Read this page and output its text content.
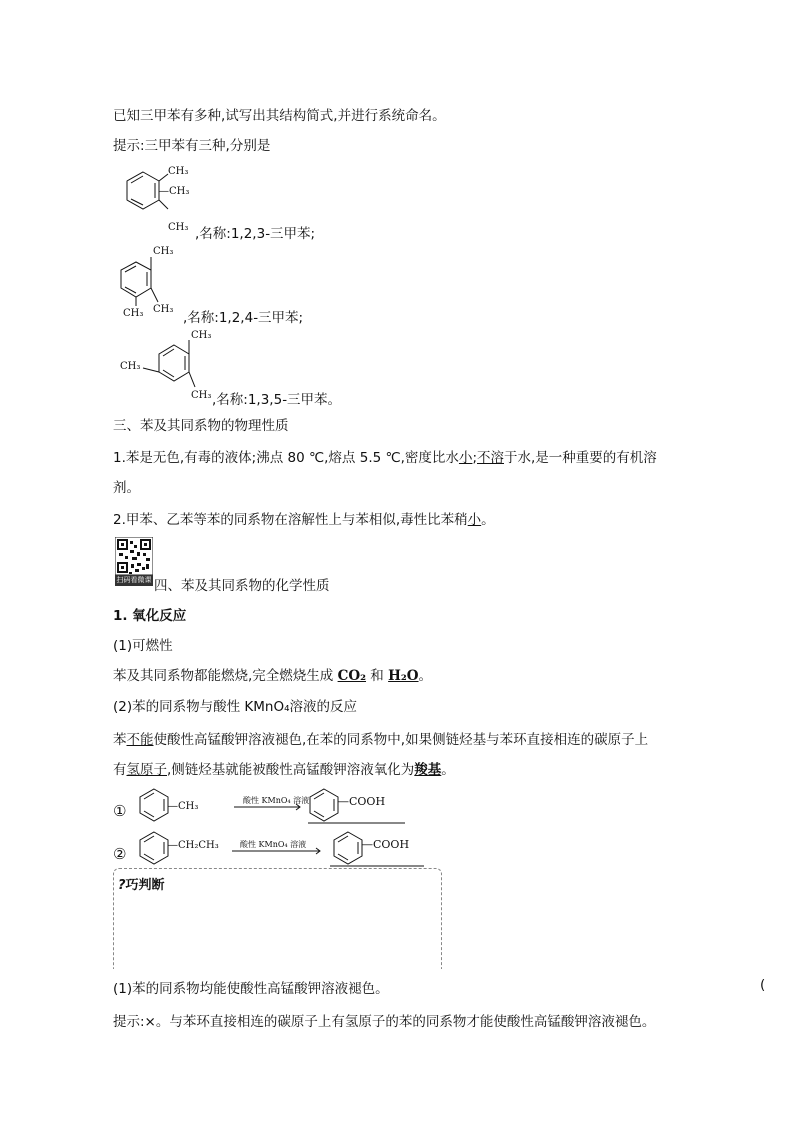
已知三甲苯有多种,试写出其结构简式,并进行系统命名。
提示:三甲苯有三种,分别是
CH₃
—CH₃
CH₃ ,名称:1,2,3-三甲苯;
CH₃
CH₃ CH₃
,名称:1,2,4-三甲苯;
CH₃
CH₃
CH₃ ,名称:1,3,5-三甲苯。
三、苯及其同系物的物理性质
1.苯是无色,有毒的液体;沸点 80 ℃,熔点 5.5 ℃,密度比水小;不溶于水,是一种重要的有机溶
剂。
2.甲苯、乙苯等苯的同系物在溶解性上与苯相似,毒性比苯稍小。
扫码看微课 四、苯及其同系物的化学性质
1. 氧化反应
(1)可燃性
苯及其同系物都能燃烧,完全燃烧生成 CO₂ 和 H₂O。
(2)苯的同系物与酸性 KMnO₄溶液的反应
苯不能使酸性高锰酸钾溶液褪色,在苯的同系物中,如果侧链烃基与苯环直接相连的碳原子上
有氢原子,侧链烃基就能被酸性高锰酸钾溶液氧化为羧基。
①	—CH₃
酸性 KMnO₄ 溶液	—COOH
②	—CH₂CH₃	酸性 KMnO₄ 溶液	—COOH
?巧判断
(1)苯的同系物均能使酸性高锰酸钾溶液褪色。	(
提示:×。与苯环直接相连的碳原子上有氢原子的苯的同系物才能使酸性高锰酸钾溶液褪色。
